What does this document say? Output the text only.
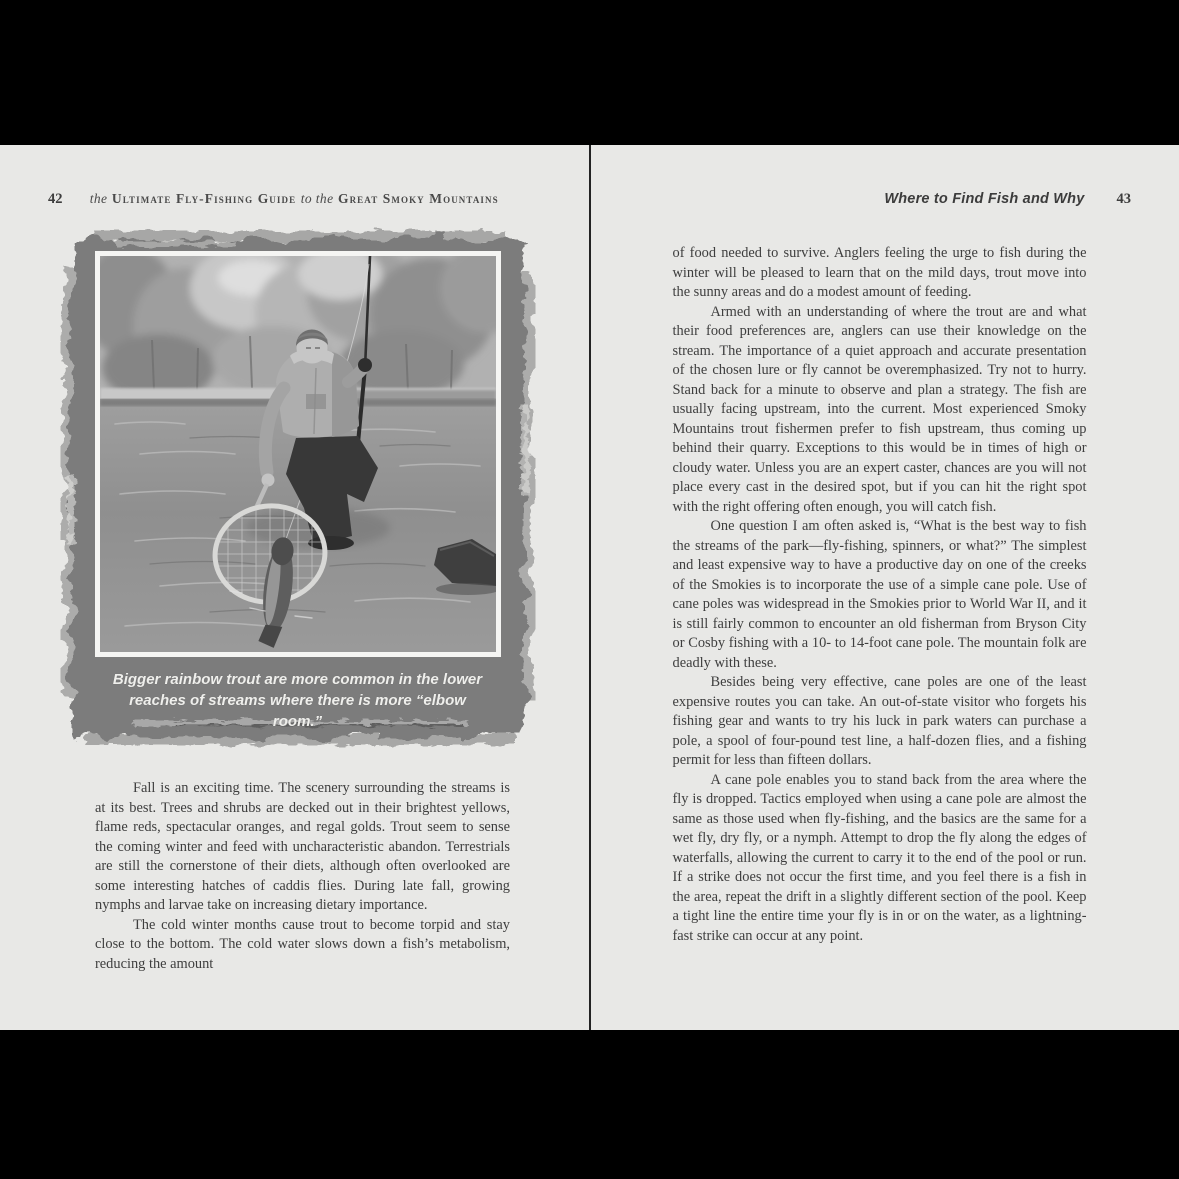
42	the Ultimate Fly-Fishing Guide to the Great Smoky Mountains
Bigger rainbow trout are more common in the lower
reaches of streams where there is more “elbow room.”

Fall is an exciting time. The scenery surrounding the streams is at its best. Trees and shrubs are decked out in their brightest yellows, flame reds, spectacular oranges, and regal golds. Trout seem to sense the coming winter and feed with uncharacteristic abandon. Terrestrials are still the cornerstone of their diets, although often overlooked are some interesting hatches of caddis flies. During late fall, growing nymphs and larvae take on increasing dietary importance.

The cold winter months cause trout to become torpid and stay close to the bottom. The cold water slows down a fish’s metabolism, reducing the amount

Where to Find Fish and Why 43

of food needed to survive. Anglers feeling the urge to fish during the winter will be pleased to learn that on the mild days, trout move into the sunny areas and do a modest amount of feeding.

Armed with an understanding of where the trout are and what their food preferences are, anglers can use their knowledge on the stream. The importance of a quiet approach and accurate presentation of the chosen lure or fly cannot be overemphasized. Try not to hurry. Stand back for a minute to observe and plan a strategy. The fish are usually facing upstream, into the current. Most experienced Smoky Mountains trout fishermen prefer to fish upstream, thus coming up behind their quarry. Exceptions to this would be in times of high or cloudy water. Unless you are an expert caster, chances are you will not place every cast in the desired spot, but if you can hit the right spot with the right offering often enough, you will catch fish.

One question I am often asked is, “What is the best way to fish the streams of the park—fly-fishing, spinners, or what?” The simplest and least expensive way to have a productive day on one of the creeks of the Smokies is to incorporate the use of a simple cane pole. Use of cane poles was widespread in the Smokies prior to World War II, and it is still fairly common to encounter an old fisherman from Bryson City or Cosby fishing with a 10- to 14-foot cane pole. The mountain folk are deadly with these.

Besides being very effective, cane poles are one of the least expensive routes you can take. An out-of-state visitor who forgets his fishing gear and wants to try his luck in park waters can purchase a pole, a spool of four-pound test line, a half-dozen flies, and a fishing permit for less than fifteen dollars.

A cane pole enables you to stand back from the area where the fly is dropped. Tactics employed when using a cane pole are almost the same as those used when fly-fishing, and the basics are the same for a wet fly, dry fly, or a nymph. Attempt to drop the fly along the edges of waterfalls, allowing the current to carry it to the end of the pool or run. If a strike does not occur the first time, and you feel there is a fish in the area, repeat the drift in a slightly different section of the pool. Keep a tight line the entire time your fly is in or on the water, as a lightning-fast strike can occur at any point.
